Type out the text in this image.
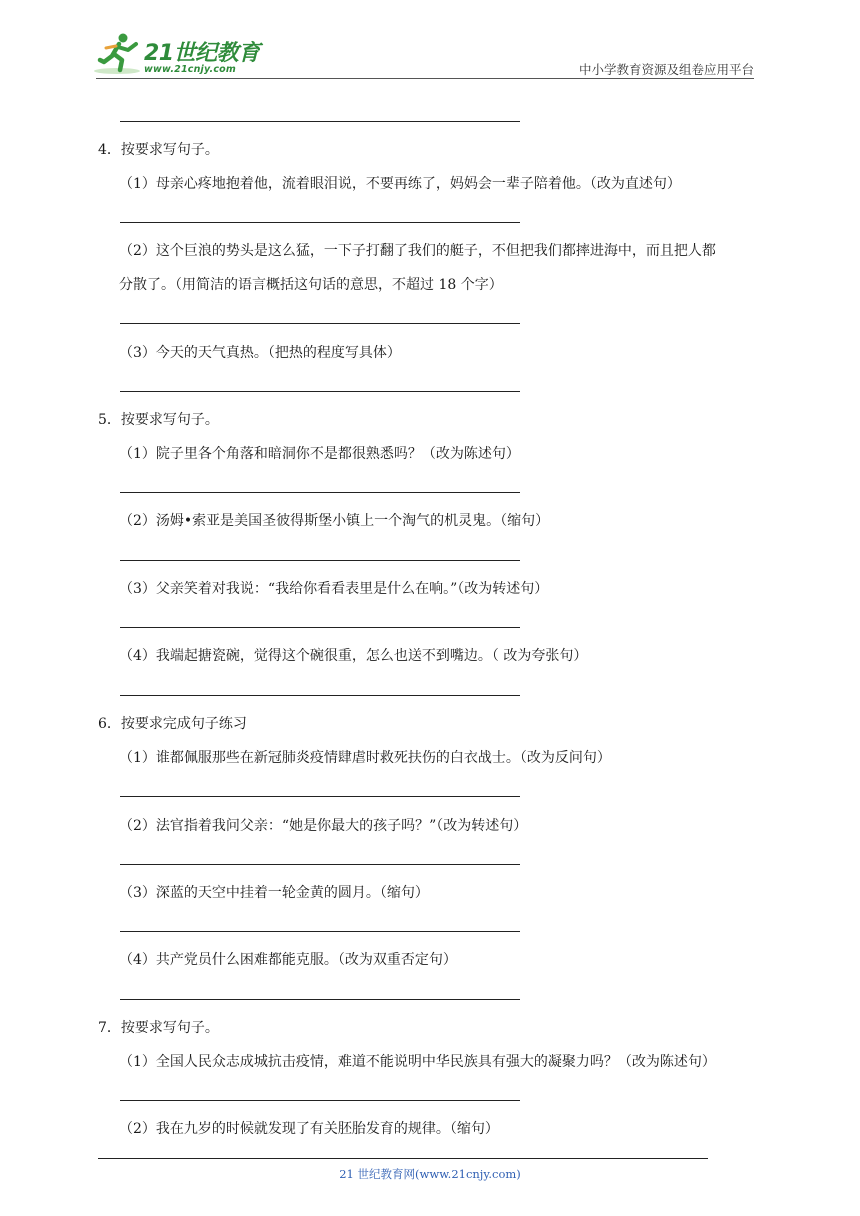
21世纪教育
www.21cnjy.com	中小学教育资源及组卷应用平台
4．按要求写句子。
（1）母亲心疼地抱着他，流着眼泪说，不要再练了，妈妈会一辈子陪着他。（改为直述句）
（2）这个巨浪的势头是这么猛，一下子打翻了我们的艇子，不但把我们都摔进海中，而且把人都
分散了。（用简洁的语言概括这句话的意思，不超过 18 个字）
（3）今天的天气真热。（把热的程度写具体）
5．按要求写句子。
（1）院子里各个角落和暗洞你不是都很熟悉吗？（改为陈述句）
（2）汤姆•索亚是美国圣彼得斯堡小镇上一个淘气的机灵鬼。（缩句）
（3）父亲笑着对我说：“我给你看看表里是什么在响。”（改为转述句）
（4）我端起搪瓷碗，觉得这个碗很重，怎么也送不到嘴边。（ 改为夸张句）
6．按要求完成句子练习
（1）谁都佩服那些在新冠肺炎疫情肆虐时救死扶伤的白衣战士。（改为反问句）
（2）法官指着我问父亲：“她是你最大的孩子吗？”（改为转述句）
（3）深蓝的天空中挂着一轮金黄的圆月。（缩句）
（4）共产党员什么困难都能克服。（改为双重否定句）
7．按要求写句子。
（1）全国人民众志成城抗击疫情，难道不能说明中华民族具有强大的凝聚力吗？（改为陈述句）
（2）我在九岁的时候就发现了有关胚胎发育的规律。（缩句）
21 世纪教育网(www.21cnjy.com)
